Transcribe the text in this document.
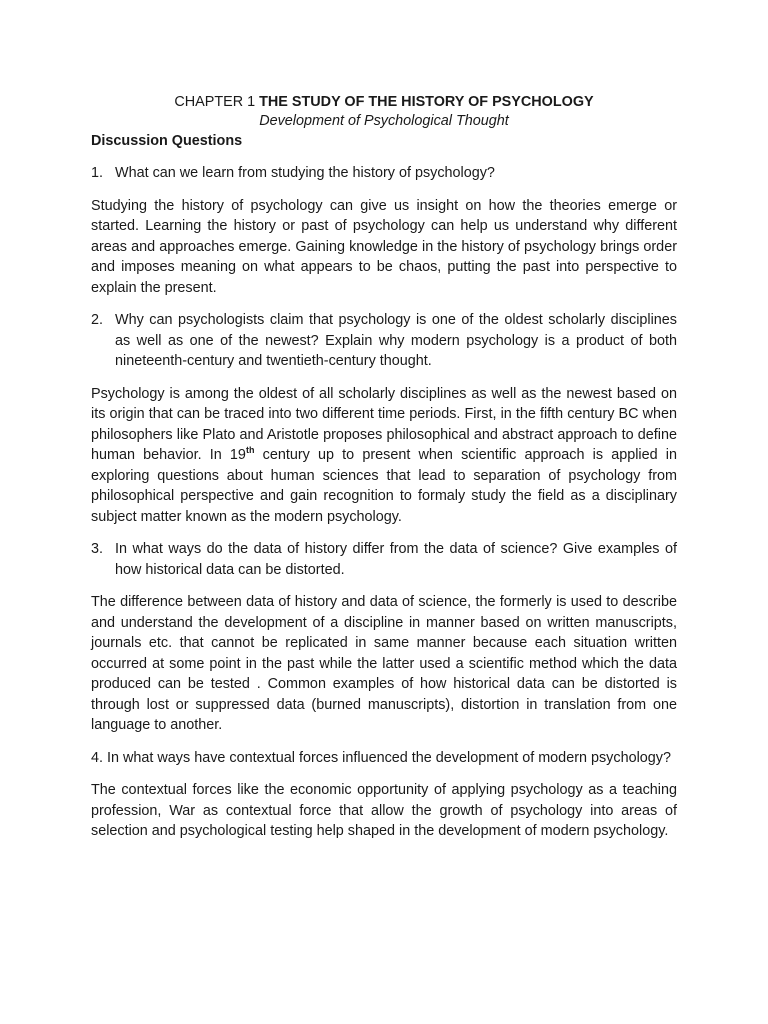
CHAPTER 1 THE STUDY OF THE HISTORY OF PSYCHOLOGY

Development of Psychological Thought

Discussion Questions

1. What can we learn from studying the history of psychology?

Studying the history of psychology can give us insight on how the theories emerge or started. Learning the history or past of psychology can help us understand why different areas and approaches emerge. Gaining knowledge in the history of psychology brings order and imposes meaning on what appears to be chaos, putting the past into perspective to explain the present.

2. Why can psychologists claim that psychology is one of the oldest scholarly disciplines as well as one of the newest? Explain why modern psychology is a product of both nineteenth-century and twentieth-century thought.

Psychology is among the oldest of all scholarly disciplines as well as the newest based on its origin that can be traced into two different time periods. First, in the fifth century BC when philosophers like Plato and Aristotle proposes philosophical and abstract approach to define human behavior. In 19th century up to present when scientific approach is applied in exploring questions about human sciences that lead to separation of psychology from philosophical perspective and gain recognition to formaly study the field as a disciplinary subject matter known as the modern psychology.

3. In what ways do the data of history differ from the data of science? Give examples of how historical data can be distorted.

The difference between data of history and data of science, the formerly is used to describe and understand the development of a discipline in manner based on written manuscripts, journals etc. that cannot be replicated in same manner because each situation written occurred at some point in the past while the latter used a scientific method which the data produced can be tested . Common examples of how historical data can be distorted is through lost or suppressed data (burned manuscripts), distortion in translation from one language to another.

4. In what ways have contextual forces influenced the development of modern psychology?

The contextual forces like the economic opportunity of applying psychology as a teaching profession, War as contextual force that allow the growth of psychology into areas of selection and psychological testing help shaped in the development of modern psychology.
